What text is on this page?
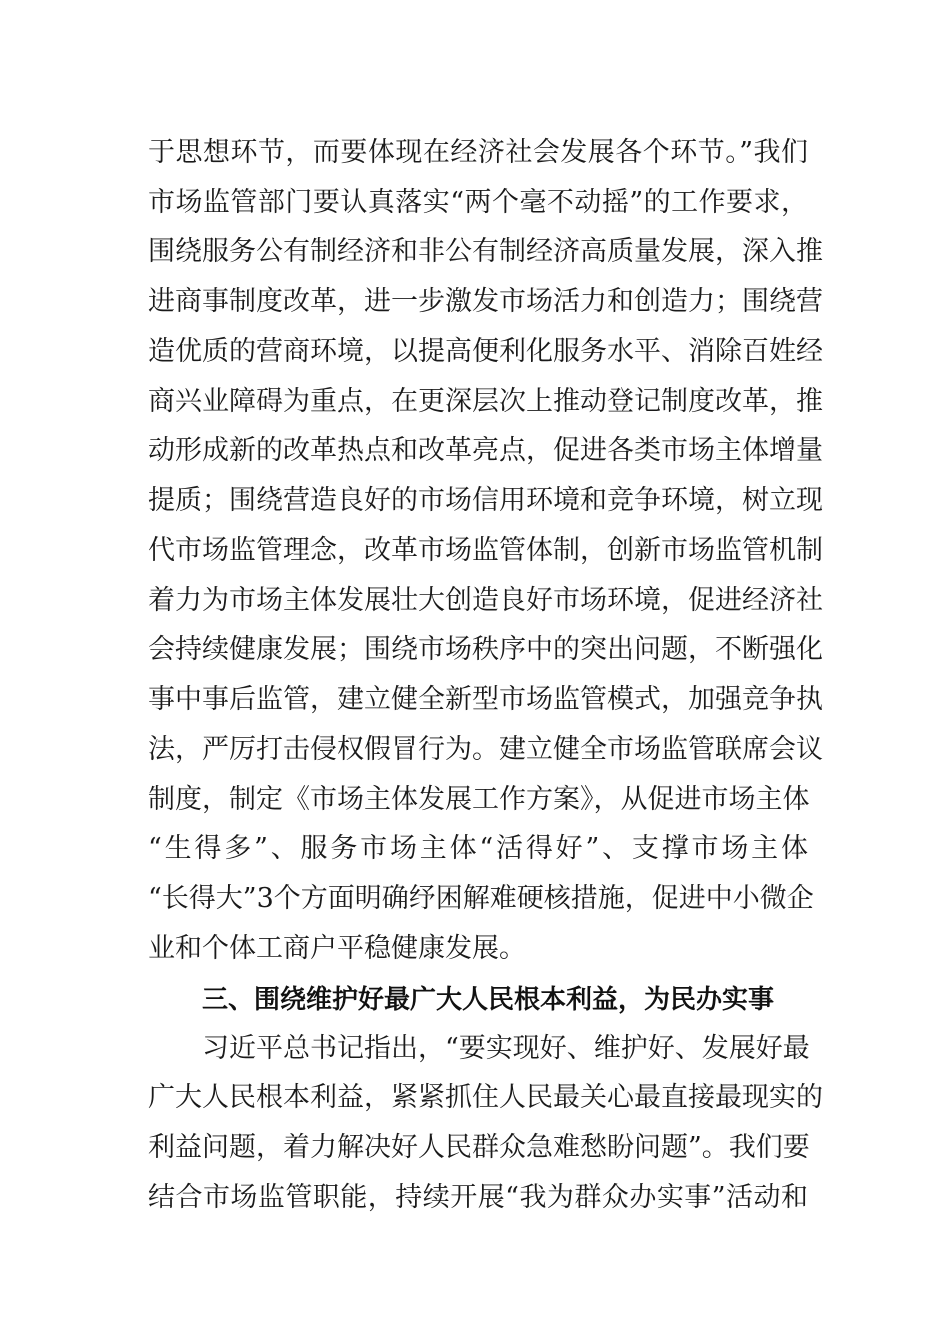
于思想环节，而要体现在经济社会发展各个环节。”我们
市场监管部门要认真落实“两个毫不动摇”的工作要求，
围绕服务公有制经济和非公有制经济高质量发展，深入推
进商事制度改革，进一步激发市场活力和创造力；围绕营
造优质的营商环境，以提高便利化服务水平、消除百姓经
商兴业障碍为重点，在更深层次上推动登记制度改革，推
动形成新的改革热点和改革亮点，促进各类市场主体增量
提质；围绕营造良好的市场信用环境和竞争环境，树立现
代市场监管理念，改革市场监管体制，创新市场监管机制
着力为市场主体发展壮大创造良好市场环境，促进经济社
会持续健康发展；围绕市场秩序中的突出问题，不断强化
事中事后监管，建立健全新型市场监管模式，加强竞争执
法，严厉打击侵权假冒行为。建立健全市场监管联席会议
制度，制定《市场主体发展工作方案》，从促进市场主体
“生得多”、服务市场主体“活得好”、支撑市场主体
“长得大”3个方面明确纾困解难硬核措施，促进中小微企
业和个体工商户平稳健康发展。
三、围绕维护好最广大人民根本利益，为民办实事
习近平总书记指出，“要实现好、维护好、发展好最
广大人民根本利益，紧紧抓住人民最关心最直接最现实的
利益问题，着力解决好人民群众急难愁盼问题”。我们要
结合市场监管职能，持续开展“我为群众办实事”活动和
